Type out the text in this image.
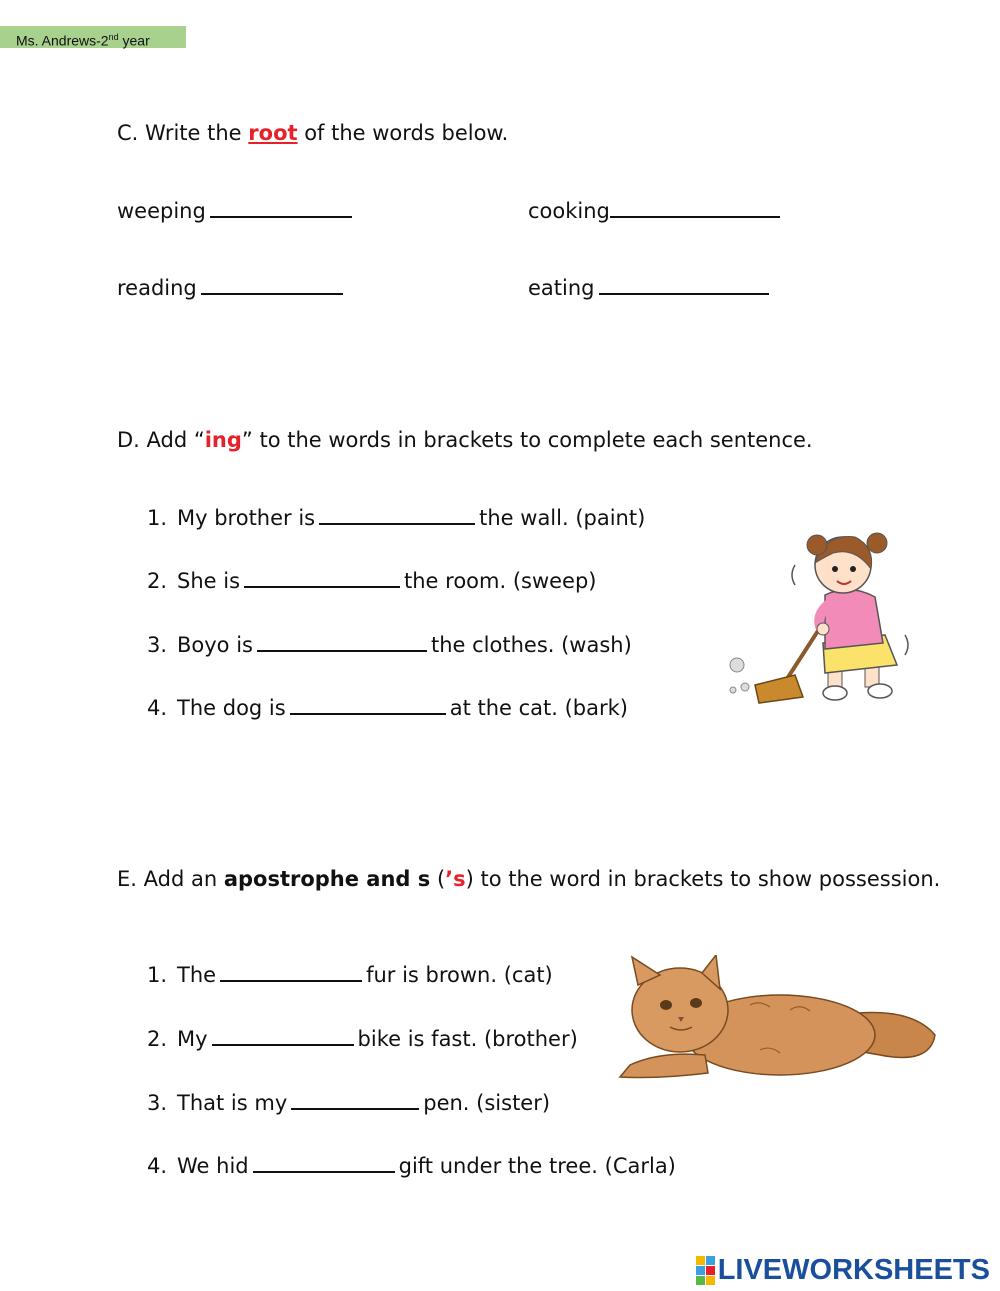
Ms. Andrews-2nd year
C. Write the root of the words below.
weeping	cooking
reading	eating
D. Add “ing” to the words in brackets to complete each sentence.
1. My brother is	the wall. (paint)
2. She is	the room. (sweep)
3. Boyo is	the clothes. (wash)
4. The dog is	at the cat. (bark)
E. Add an apostrophe and s (’s) to the word in brackets to show possession.
1. The	fur is brown. (cat)
2. My	bike is fast. (brother)
3. That is my	pen. (sister)
4. We hid	gift under the tree. (Carla)
LIVEWORKSHEETS
